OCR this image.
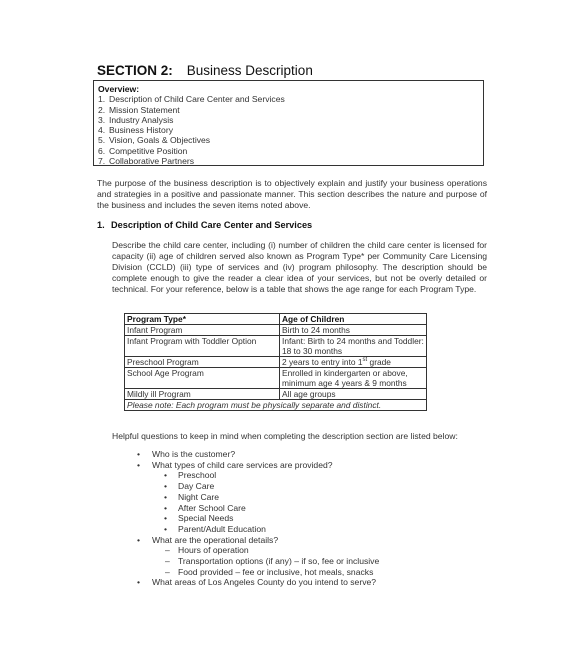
SECTION 2: Business Description
Overview:
1. Description of Child Care Center and Services
2. Mission Statement
3. Industry Analysis
4. Business History
5. Vision, Goals & Objectives
6. Competitive Position
7. Collaborative Partners
The purpose of the business description is to objectively explain and justify your business operations and strategies in a positive and passionate manner. This section describes the nature and purpose of the business and includes the seven items noted above.
1. Description of Child Care Center and Services
Describe the child care center, including (i) number of children the child care center is licensed for capacity (ii) age of children served also known as Program Type* per Community Care Licensing Division (CCLD) (iii) type of services and (iv) program philosophy. The description should be complete enough to give the reader a clear idea of your services, but not be overly detailed or technical. For your reference, below is a table that shows the age range for each Program Type.
Program Type*	Age of Children
Infant Program	Birth to 24 months
Infant Program with Toddler Option	Infant: Birth to 24 months and Toddler: 18 to 30 months
Preschool Program	2 years to entry into 1st grade
School Age Program	Enrolled in kindergarten or above, minimum age 4 years & 9 months
Mildly ill Program	All age groups
Please note: Each program must be physically separate and distinct.	
Helpful questions to keep in mind when completing the description section are listed below:
• Who is the customer?
• What types of child care services are provided?
• Preschool
• Day Care
• Night Care
• After School Care
• Special Needs
• Parent/Adult Education
• What are the operational details?
– Hours of operation
– Transportation options (if any) – if so, fee or inclusive
– Food provided – fee or inclusive, hot meals, snacks
• What areas of Los Angeles County do you intend to serve?
